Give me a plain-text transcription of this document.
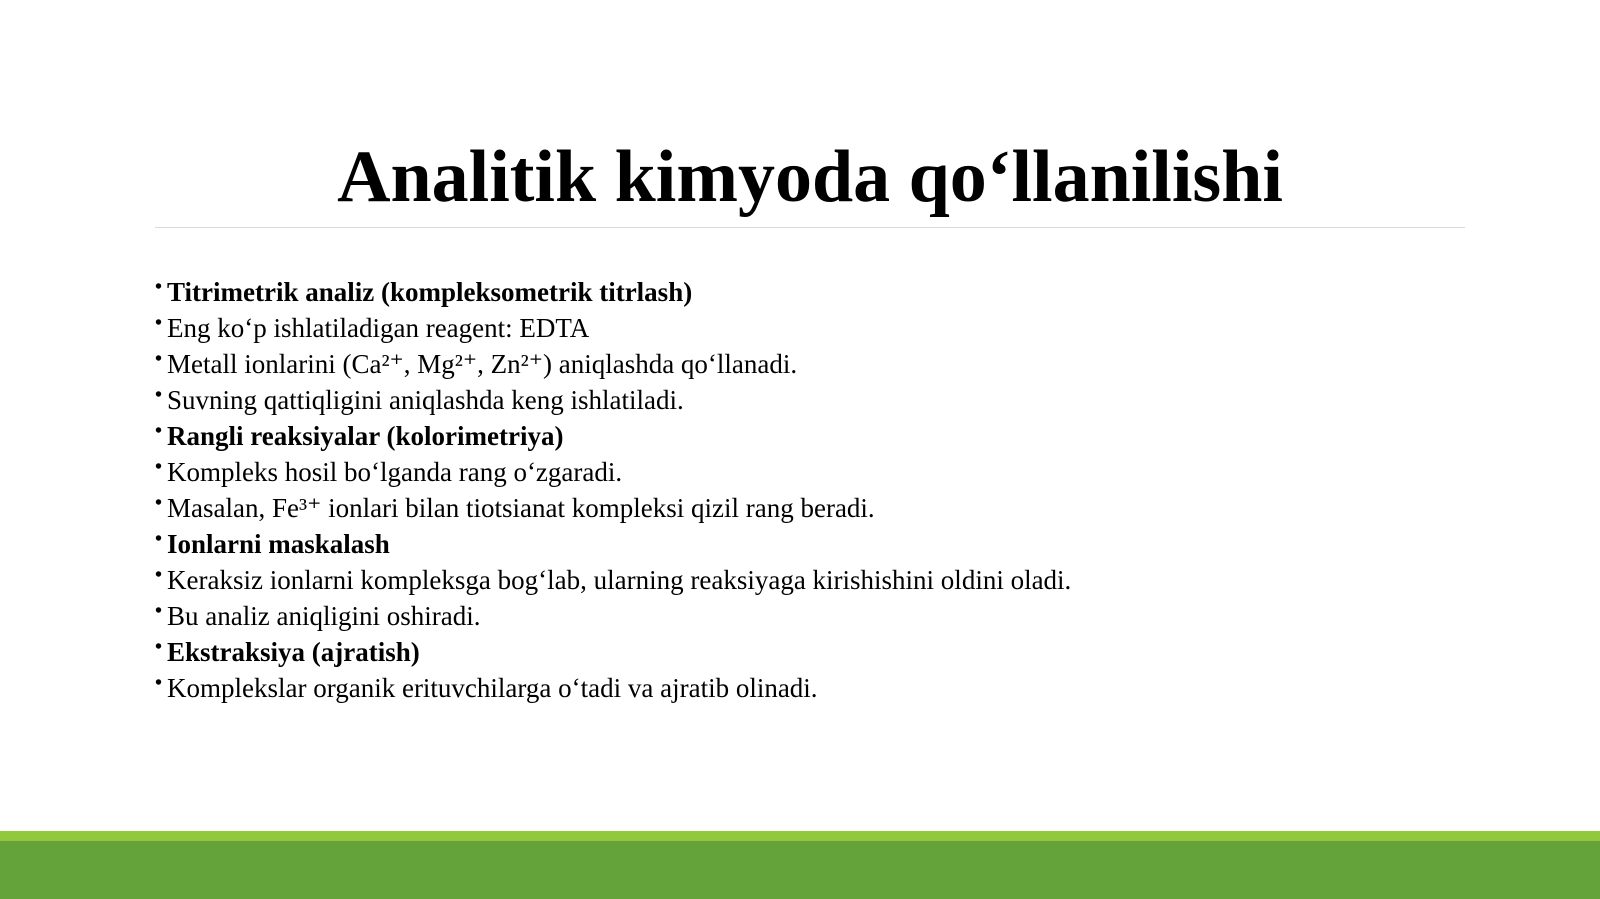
Analitik kimyoda qo‘llanilishi
• Titrimetrik analiz (kompleksometrik titrlash)
• Eng ko‘p ishlatiladigan reagent: EDTA
• Metall ionlarini (Ca²⁺, Mg²⁺, Zn²⁺) aniqlashda qo‘llanadi.
• Suvning qattiqligini aniqlashda keng ishlatiladi.
• Rangli reaksiyalar (kolorimetriya)
• Kompleks hosil bo‘lganda rang o‘zgaradi.
• Masalan, Fe³⁺ ionlari bilan tiotsianat kompleksi qizil rang beradi.
• Ionlarni maskalash
• Keraksiz ionlarni kompleksga bog‘lab, ularning reaksiyaga kirishishini oldini oladi.
• Bu analiz aniqligini oshiradi.
• Ekstraksiya (ajratish)
• Komplekslar organik erituvchilarga o‘tadi va ajratib olinadi.
